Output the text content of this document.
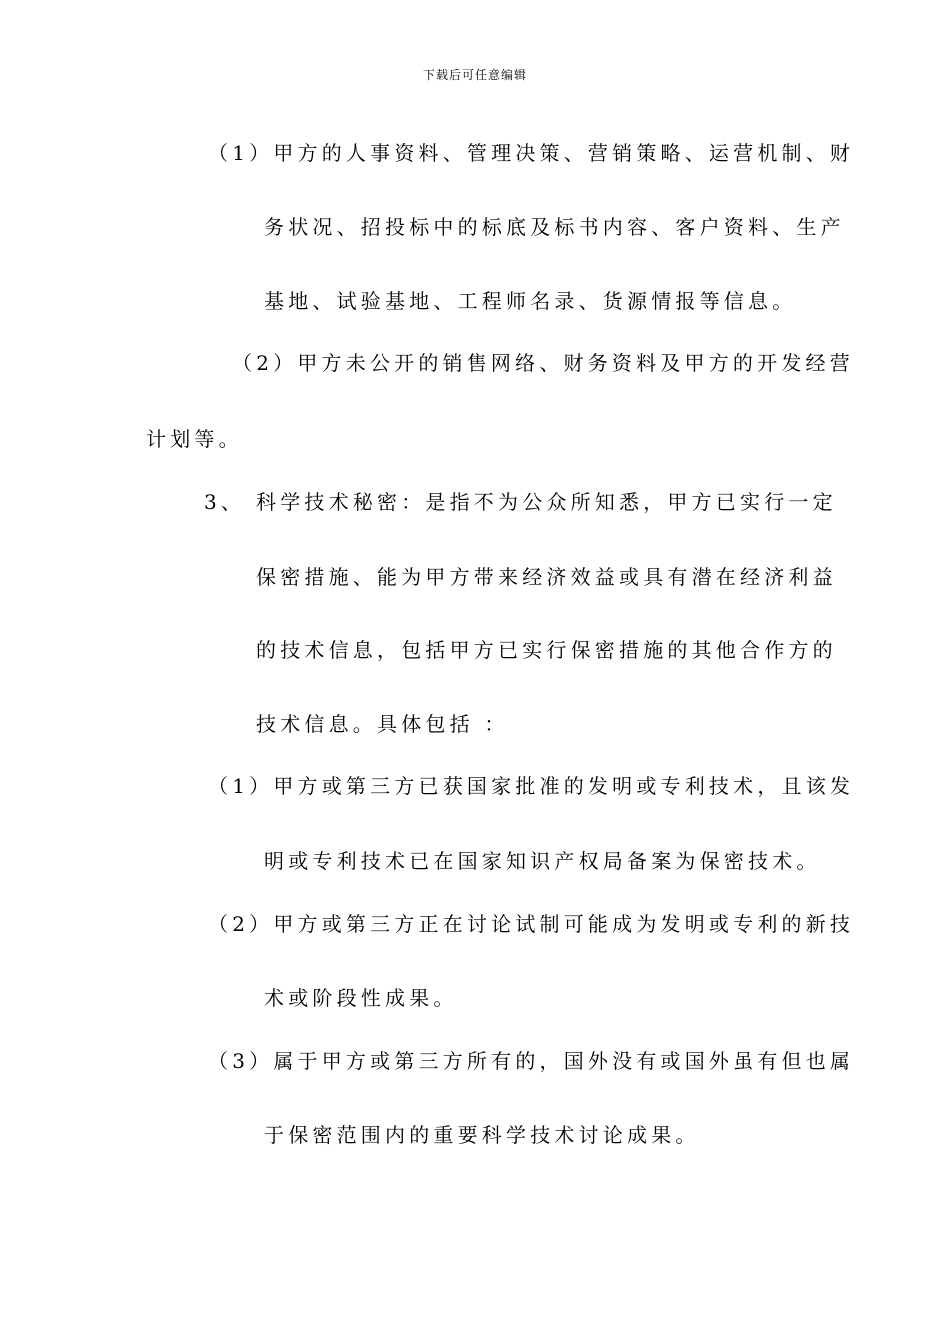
下载后可任意编辑
（1）甲方的人事资料、管理决策、营销策略、运营机制、财
务状况、招投标中的标底及标书内容、客户资料、生产
基地、试验基地、工程师名录、货源情报等信息。
（2）甲方未公开的销售网络、财务资料及甲方的开发经营
计划等。
3、 科学技术秘密：是指不为公众所知悉，甲方已实行一定
保密措施、能为甲方带来经济效益或具有潜在经济利益
的技术信息，包括甲方已实行保密措施的其他合作方的
技术信息。具体包括 ：
（1）甲方或第三方已获国家批准的发明或专利技术，且该发
明或专利技术已在国家知识产权局备案为保密技术。
（2）甲方或第三方正在讨论试制可能成为发明或专利的新技
术或阶段性成果。
（3）属于甲方或第三方所有的，国外没有或国外虽有但也属
于保密范围内的重要科学技术讨论成果。
